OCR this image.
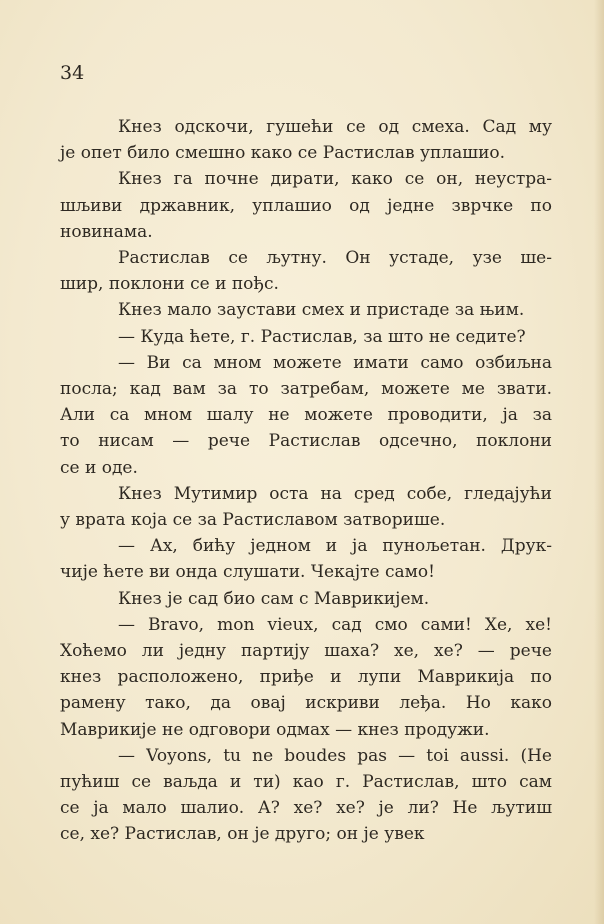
34

Кнез одскочи, гушећи се од смеха. Сад му
је опет било смешно како се Растислав уплашио.

Кнез га почне дирати, како се он, неустра-
шљиви државник, уплашио од једне зврчке по
новинама.

Растислав се љутну. Он устаде, узе ше-
шир, поклони се и пођс.

Кнез мало заустави смех и пристаде за њим.

— Куда ћете, г. Растислав, за што не седите?

— Ви са мном можете имати само озбиљна
посла; кад вам за то затребам, можете ме звати.
Али са мном шалу не можете проводити, ја за
то нисам — рече Растислав одсечно, поклони
се и оде.

Кнез Мутимир оста на сред собе, гледајући
у врата која се за Растиславом затворише.

— Ах, бићу једном и ја пунољетан. Друк-
чије ћете ви онда слушати. Чекајте само!

Кнез је сад био сам с Маврикијем.

— Bravo, mon vieux, сад смо сами! Хе, хе!
Хоћемо ли једну партију шаха? хе, хе? — рече
кнез расположено, приђе и лупи Маврикија по
рамену тако, да овај искриви леђа. Но како
Маврикије не одговори одмах — кнез продужи.

— Voyons, tu ne boudes pas — toi aussi. (Не
пућиш се ваљда и ти) као г. Растислав, што сам
се ја мало шалио. А? хе? хе? је ли? Не љутиш
се, хе? Растислав, он је друго; он је увек
